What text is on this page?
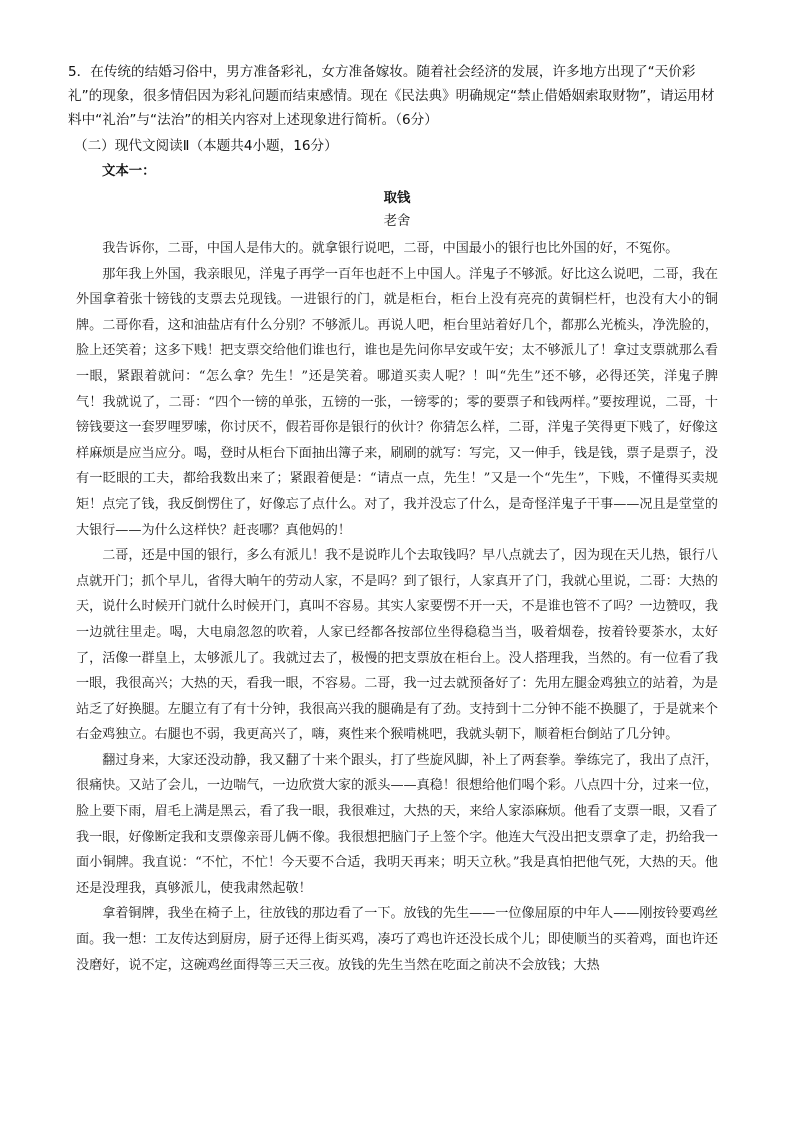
5．在传统的结婚习俗中，男方准备彩礼，女方准备嫁妆。随着社会经济的发展，许多地方出现了“天价彩礼”的现象，很多情侣因为彩礼问题而结束感情。现在《民法典》明确规定“禁止借婚姻索取财物”，请运用材料中“礼治”与“法治”的相关内容对上述现象进行简析。（6分）
（二）现代文阅读Ⅱ（本题共4小题，16分）
文本一：
取钱
老舍

我告诉你，二哥，中国人是伟大的。就拿银行说吧，二哥，中国最小的银行也比外国的好，不冤你。

那年我上外国，我亲眼见，洋鬼子再学一百年也赶不上中国人。洋鬼子不够派。好比这么说吧，二哥，我在外国拿着张十镑钱的支票去兑现钱。一进银行的门，就是柜台，柜台上没有亮亮的黄铜栏杆，也没有大小的铜牌。二哥你看，这和油盐店有什么分别？不够派儿。再说人吧，柜台里站着好几个，都那么光梳头，净洗脸的，脸上还笑着；这多下贱！把支票交给他们谁也行，谁也是先问你早安或午安；太不够派儿了！拿过支票就那么看一眼，紧跟着就问：“怎么拿？先生！”还是笑着。哪道买卖人呢？！叫“先生”还不够，必得还笑，洋鬼子脾气！我就说了，二哥：“四个一镑的单张，五镑的一张，一镑零的；零的要票子和钱两样。”要按理说，二哥，十镑钱要这一套罗哩罗嗦，你讨厌不，假若哥你是银行的伙计？你猜怎么样，二哥，洋鬼子笑得更下贱了，好像这样麻烦是应当应分。喝，登时从柜台下面抽出簿子来，刷刷的就写：写完，又一伸手，钱是钱，票子是票子，没有一眨眼的工夫，都给我数出来了；紧跟着便是：“请点一点，先生！”又是一个“先生”，下贱，不懂得买卖规矩！点完了钱，我反倒愣住了，好像忘了点什么。对了，我并没忘了什么，是奇怪洋鬼子干事——况且是堂堂的大银行——为什么这样快？赶丧哪？真他妈的！

二哥，还是中国的银行，多么有派儿！我不是说昨儿个去取钱吗？早八点就去了，因为现在天儿热，银行八点就开门；抓个早儿，省得大晌午的劳动人家，不是吗？到了银行，人家真开了门，我就心里说，二哥：大热的天，说什么时候开门就什么时候开门，真叫不容易。其实人家要愣不开一天，不是谁也管不了吗？一边赞叹，我一边就往里走。喝，大电扇忽忽的吹着，人家已经都各按部位坐得稳稳当当，吸着烟卷，按着铃要茶水，太好了，活像一群皇上，太够派儿了。我就过去了，极慢的把支票放在柜台上。没人搭理我，当然的。有一位看了我一眼，我很高兴；大热的天，看我一眼，不容易。二哥，我一过去就预备好了：先用左腿金鸡独立的站着，为是站乏了好换腿。左腿立有了有十分钟，我很高兴我的腿确是有了劲。支持到十二分钟不能不换腿了，于是就来个右金鸡独立。右腿也不弱，我更高兴了，嗨，爽性来个猴啃桃吧，我就头朝下，顺着柜台倒站了几分钟。

翻过身来，大家还没动静，我又翻了十来个跟头，打了些旋风脚，补上了两套拳。拳练完了，我出了点汗，很痛快。又站了会儿，一边喘气，一边欣赏大家的派头——真稳！很想给他们喝个彩。八点四十分，过来一位，脸上要下雨，眉毛上满是黑云，看了我一眼，我很难过，大热的天，来给人家添麻烦。他看了支票一眼，又看了我一眼，好像断定我和支票像亲哥儿俩不像。我很想把脑门子上签个字。他连大气没出把支票拿了走，扔给我一面小铜牌。我直说：“不忙，不忙！今天要不合适，我明天再来；明天立秋。”我是真怕把他气死，大热的天。他还是没理我，真够派儿，使我肃然起敬！

拿着铜牌，我坐在椅子上，往放钱的那边看了一下。放钱的先生——一位像屈原的中年人——刚按铃要鸡丝面。我一想：工友传达到厨房，厨子还得上街买鸡，凑巧了鸡也许还没长成个儿；即使顺当的买着鸡，面也许还没磨好，说不定，这碗鸡丝面得等三天三夜。放钱的先生当然在吃面之前决不会放钱；大热
